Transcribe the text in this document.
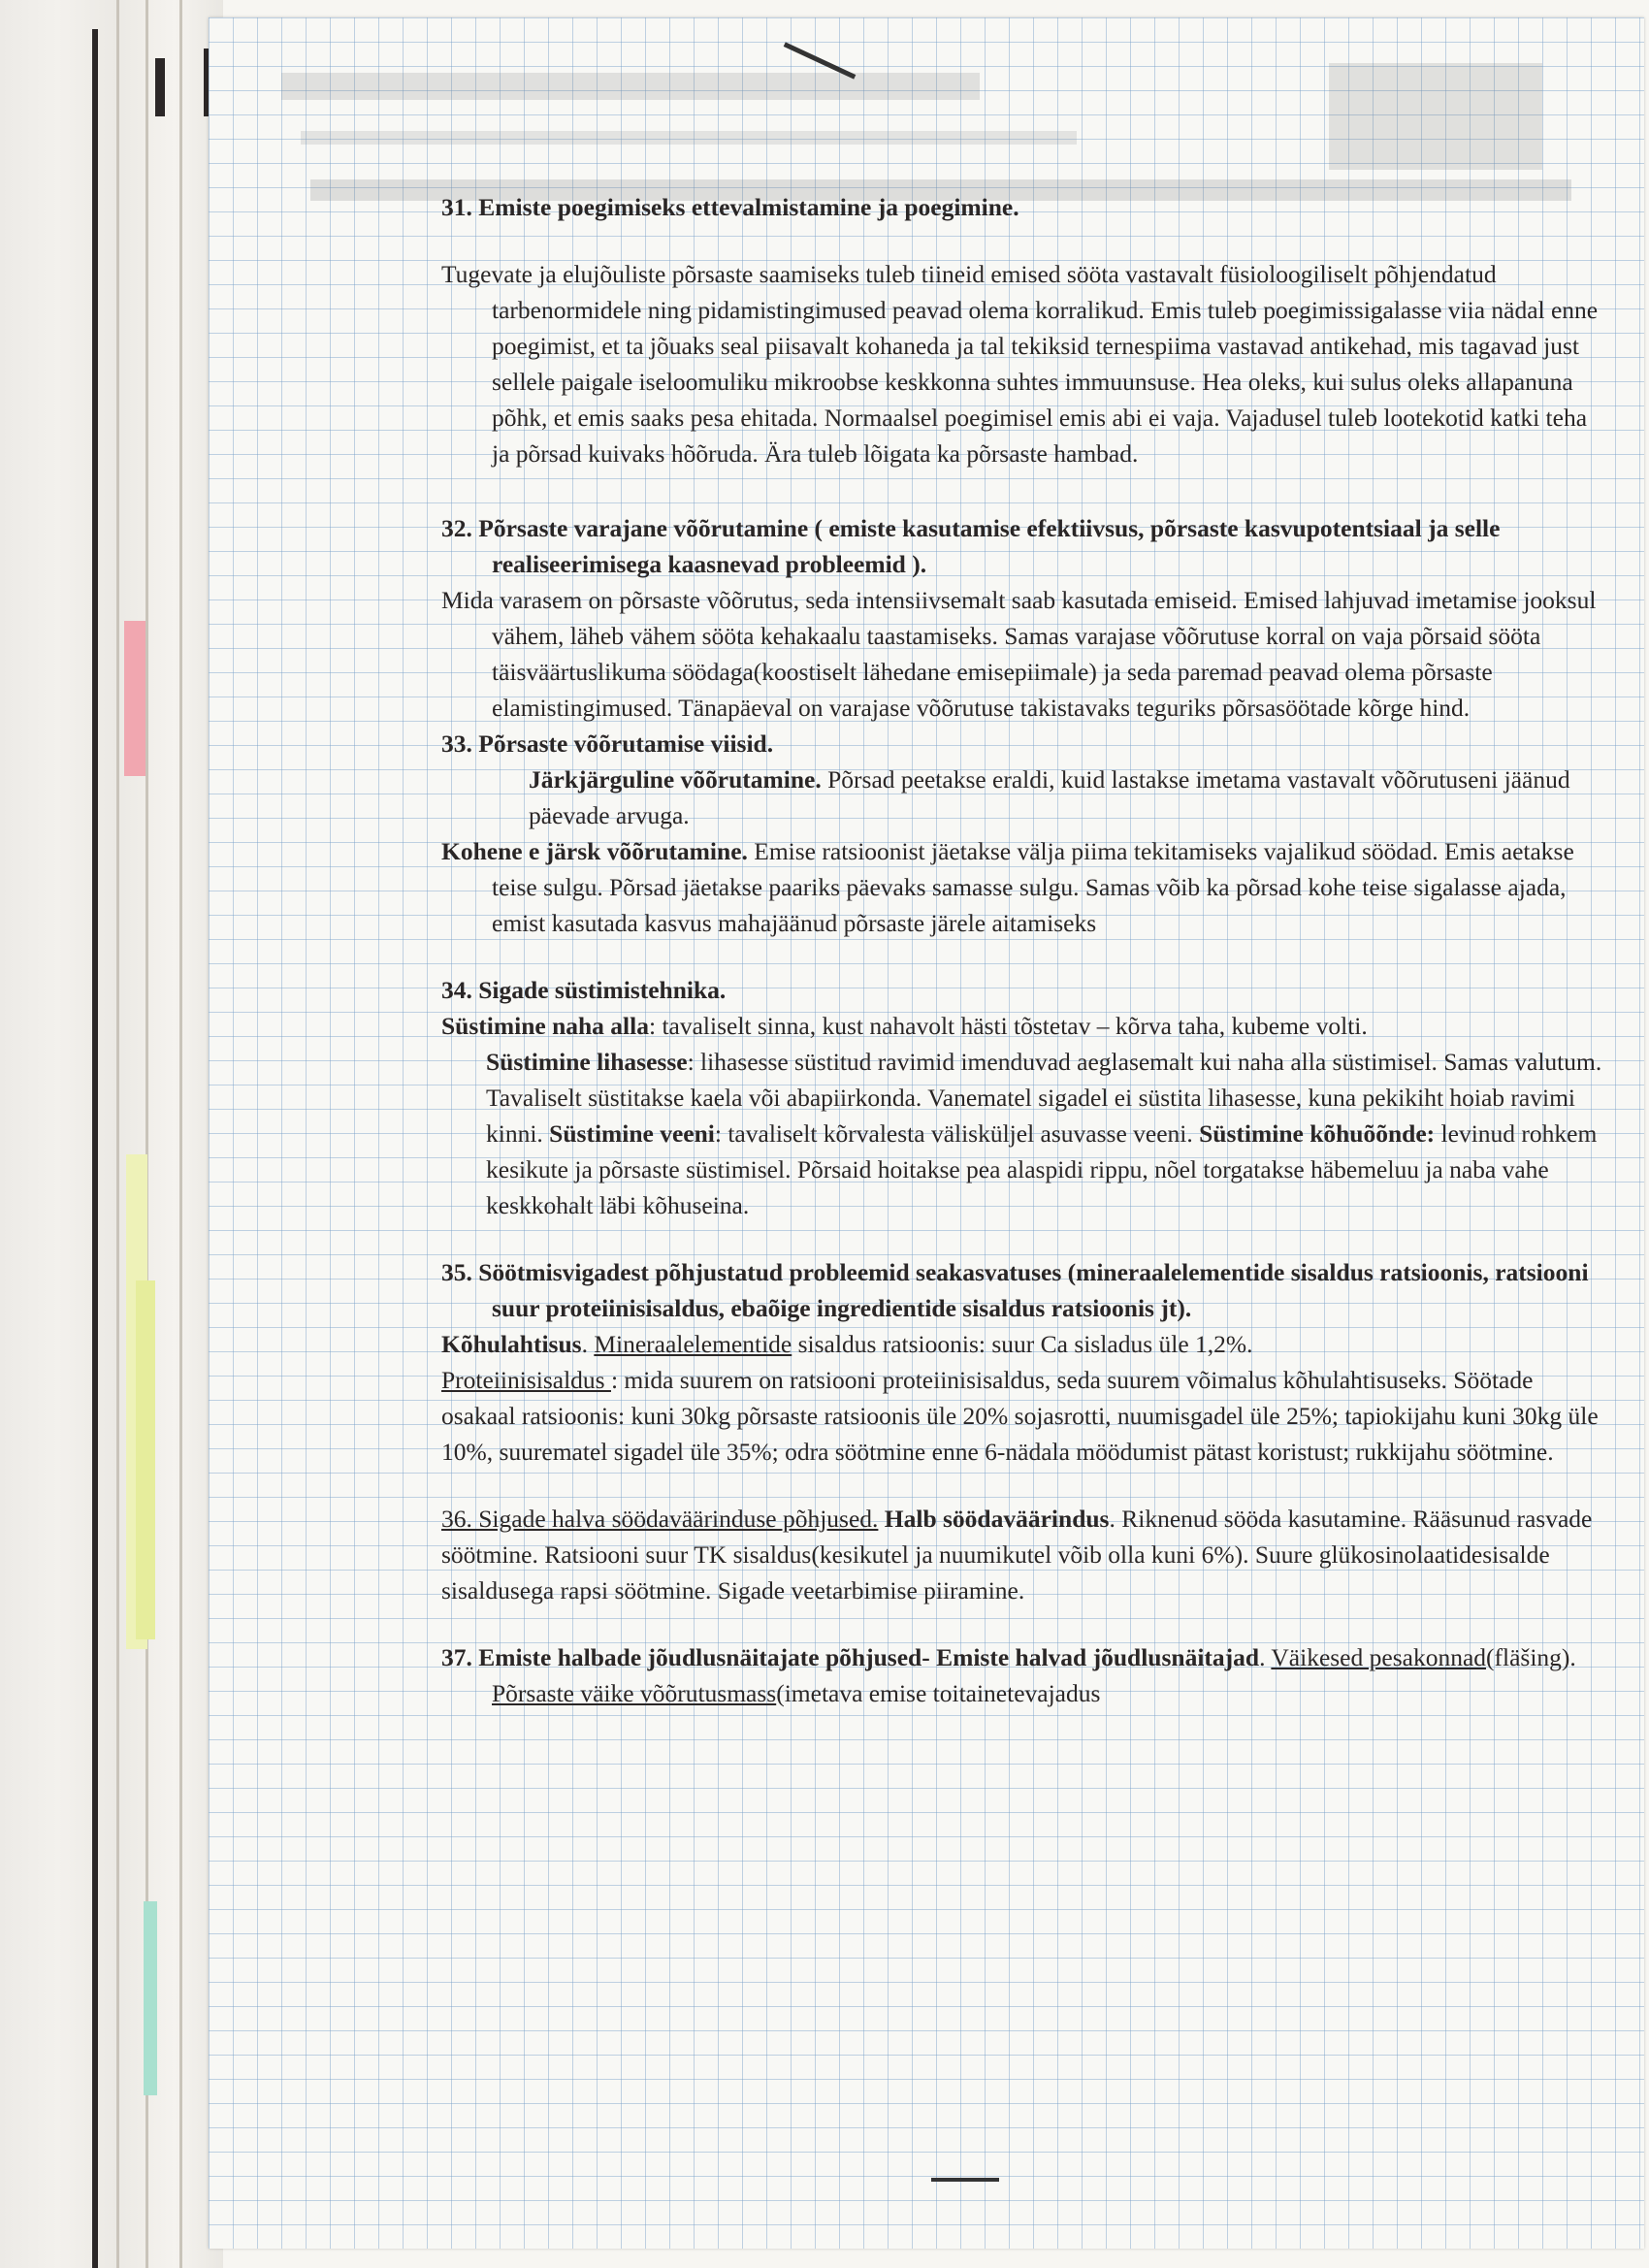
31. Emiste poegimiseks ettevalmistamine ja poegimine.

Tugevate ja elujõuliste põrsaste saamiseks tuleb tiineid emised sööta vastavalt füsioloogiliselt põhjendatud tarbenormidele ning pidamistingimused peavad olema korralikud. Emis tuleb poegimissigalasse viia nädal enne poegimist, et ta jõuaks seal piisavalt kohaneda ja tal tekiksid ternespiima vastavad antikehad, mis tagavad just sellele paigale iseloomuliku mikroobse keskkonna suhtes immuunsuse. Hea oleks, kui sulus oleks allapanuna põhk, et emis saaks pesa ehitada. Normaalsel poegimisel emis abi ei vaja. Vajadusel tuleb lootekotid katki teha ja põrsad kuivaks hõõruda. Ära tuleb lõigata ka põrsaste hambad.

32. Põrsaste varajane võõrutamine ( emiste kasutamise efektiivsus, põrsaste kasvupotentsiaal ja selle realiseerimisega kaasnevad probleemid ).

Mida varasem on põrsaste võõrutus, seda intensiivsemalt saab kasutada emiseid. Emised lahjuvad imetamise jooksul vähem, läheb vähem sööta kehakaalu taastamiseks. Samas varajase võõrutuse korral on vaja põrsaid sööta täisväärtuslikuma söödaga(koostiselt lähedane emisepiimale) ja seda paremad peavad olema põrsaste elamistingimused. Tänapäeval on varajase võõrutuse takistavaks teguriks põrsasöötade kõrge hind.

33. Põrsaste võõrutamise viisid.

Järkjärguline võõrutamine. Põrsad peetakse eraldi, kuid lastakse imetama vastavalt võõrutuseni jäänud päevade arvuga.

Kohene e järsk võõrutamine. Emise ratsioonist jäetakse välja piima tekitamiseks vajalikud söödad. Emis aetakse teise sulgu. Põrsad jäetakse paariks päevaks samasse sulgu. Samas võib ka põrsad kohe teise sigalasse ajada, emist kasutada kasvus mahajäänud põrsaste järele aitamiseks

34. Sigade süstimistehnika.

Süstimine naha alla: tavaliselt sinna, kust nahavolt hästi tõstetav – kõrva taha, kubeme volti.

Süstimine lihasesse: lihasesse süstitud ravimid imenduvad aeglasemalt kui naha alla süstimisel. Samas valutum. Tavaliselt süstitakse kaela või abapiirkonda. Vanematel sigadel ei süstita lihasesse, kuna pekikiht hoiab ravimi kinni. Süstimine veeni: tavaliselt kõrvalesta välisküljel asuvasse veeni. Süstimine kõhuõõnde: levinud rohkem kesikute ja põrsaste süstimisel. Põrsaid hoitakse pea alaspidi rippu, nõel torgatakse häbemeluu ja naba vahe keskkohalt läbi kõhuseina.

35. Söötmisvigadest põhjustatud probleemid seakasvatuses (mineraalelementide sisaldus ratsioonis, ratsiooni suur proteiinisisaldus, ebaõige ingredientide sisaldus ratsioonis jt).

Kõhulahtisus. Mineraalelementide sisaldus ratsioonis: suur Ca sisladus üle 1,2%.

Proteiinisisaldus : mida suurem on ratsiooni proteiinisisaldus, seda suurem võimalus kõhulahtisuseks. Söötade osakaal ratsioonis: kuni 30kg põrsaste ratsioonis üle 20% sojasrotti, nuumisgadel üle 25%; tapiokijahu kuni 30kg üle 10%, suurematel sigadel üle 35%; odra söötmine enne 6-nädala möödumist pätast koristust; rukkijahu söötmine.

36. Sigade halva söödaväärinduse põhjused. Halb söödaväärindus. Riknenud sööda kasutamine. Rääsunud rasvade söötmine. Ratsiooni suur TK sisaldus(kesikutel ja nuumikutel võib olla kuni 6%). Suure glükosinolaatidesisalde sisaldusega rapsi söötmine. Sigade veetarbimise piiramine.

37. Emiste halbade jõudlusnäitajate põhjused- Emiste halvad jõudlusnäitajad. Väikesed pesakonnad(fläšing). Põrsaste väike võõrutusmass(imetava emise toitainetevajadus
